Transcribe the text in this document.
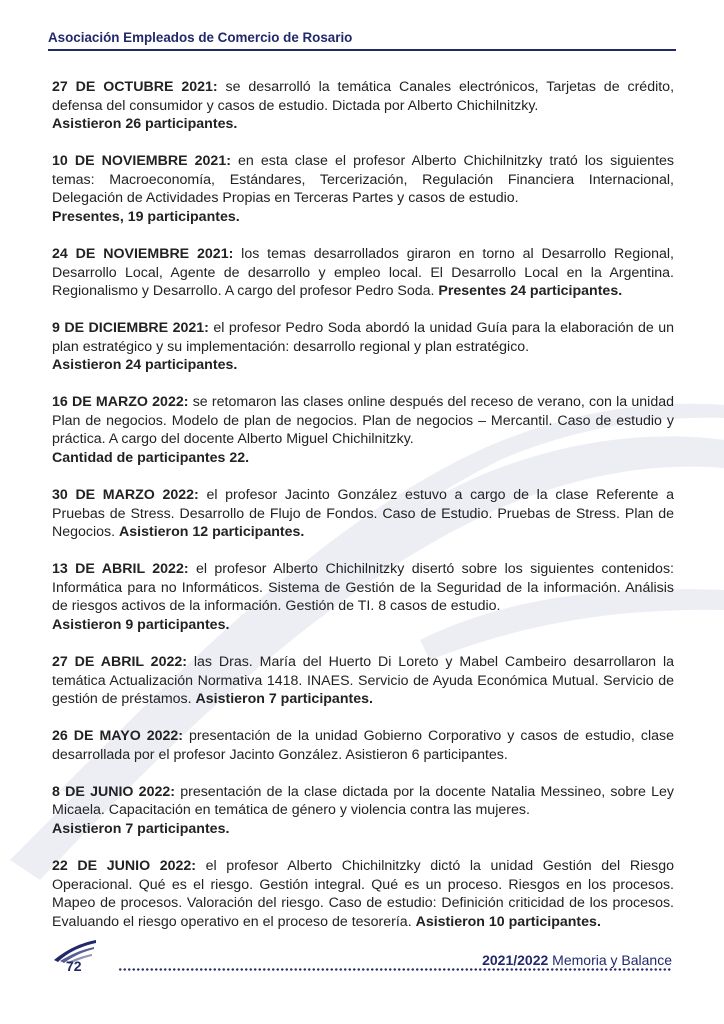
Asociación Empleados de Comercio de Rosario

27 DE OCTUBRE 2021: se desarrolló la temática Canales electrónicos, Tarjetas de crédito, defensa del consumidor y casos de estudio. Dictada por Alberto Chichilnitzky.
Asistieron 26 participantes.

10 DE NOVIEMBRE 2021: en esta clase el profesor Alberto Chichilnitzky trató los siguientes temas: Macroeconomía, Estándares, Tercerización, Regulación Financiera Internacional, Delegación de Actividades Propias en Terceras Partes y casos de estudio.
Presentes, 19 participantes.

24 DE NOVIEMBRE 2021: los temas desarrollados giraron en torno al Desarrollo Regional, Desarrollo Local, Agente de desarrollo y empleo local. El Desarrollo Local en la Argentina. Regionalismo y Desarrollo. A cargo del profesor Pedro Soda. Presentes 24 participantes.

9 DE DICIEMBRE 2021: el profesor Pedro Soda abordó la unidad Guía para la elaboración de un plan estratégico y su implementación: desarrollo regional y plan estratégico.
Asistieron 24 participantes.

16 DE MARZO 2022: se retomaron las clases online después del receso de verano, con la unidad Plan de negocios. Modelo de plan de negocios. Plan de negocios – Mercantil. Caso de estudio y práctica. A cargo del docente Alberto Miguel Chichilnitzky.
Cantidad de participantes 22.

30 DE MARZO 2022: el profesor Jacinto González estuvo a cargo de la clase Referente a Pruebas de Stress. Desarrollo de Flujo de Fondos. Caso de Estudio. Pruebas de Stress. Plan de Negocios. Asistieron 12 participantes.

13 DE ABRIL 2022: el profesor Alberto Chichilnitzky disertó sobre los siguientes contenidos: Informática para no Informáticos. Sistema de Gestión de la Seguridad de la información. Análisis de riesgos activos de la información. Gestión de TI. 8 casos de estudio.
Asistieron 9 participantes.

27 DE ABRIL 2022: las Dras. María del Huerto Di Loreto y Mabel Cambeiro desarrollaron la temática Actualización Normativa 1418. INAES. Servicio de Ayuda Económica Mutual. Servicio de gestión de préstamos. Asistieron 7 participantes.

26 DE MAYO 2022: presentación de la unidad Gobierno Corporativo y casos de estudio, clase desarrollada por el profesor Jacinto González. Asistieron 6 participantes.

8 DE JUNIO 2022: presentación de la clase dictada por la docente Natalia Messineo, sobre Ley Micaela. Capacitación en temática de género y violencia contra las mujeres.
Asistieron 7 participantes.

22 DE JUNIO 2022: el profesor Alberto Chichilnitzky dictó la unidad Gestión del Riesgo Operacional. Qué es el riesgo. Gestión integral. Qué es un proceso. Riesgos en los procesos. Mapeo de procesos. Valoración del riesgo. Caso de estudio: Definición criticidad de los procesos. Evaluando el riesgo operativo en el proceso de tesorería. Asistieron 10 participantes.

72	2021/2022 Memoria y Balance
